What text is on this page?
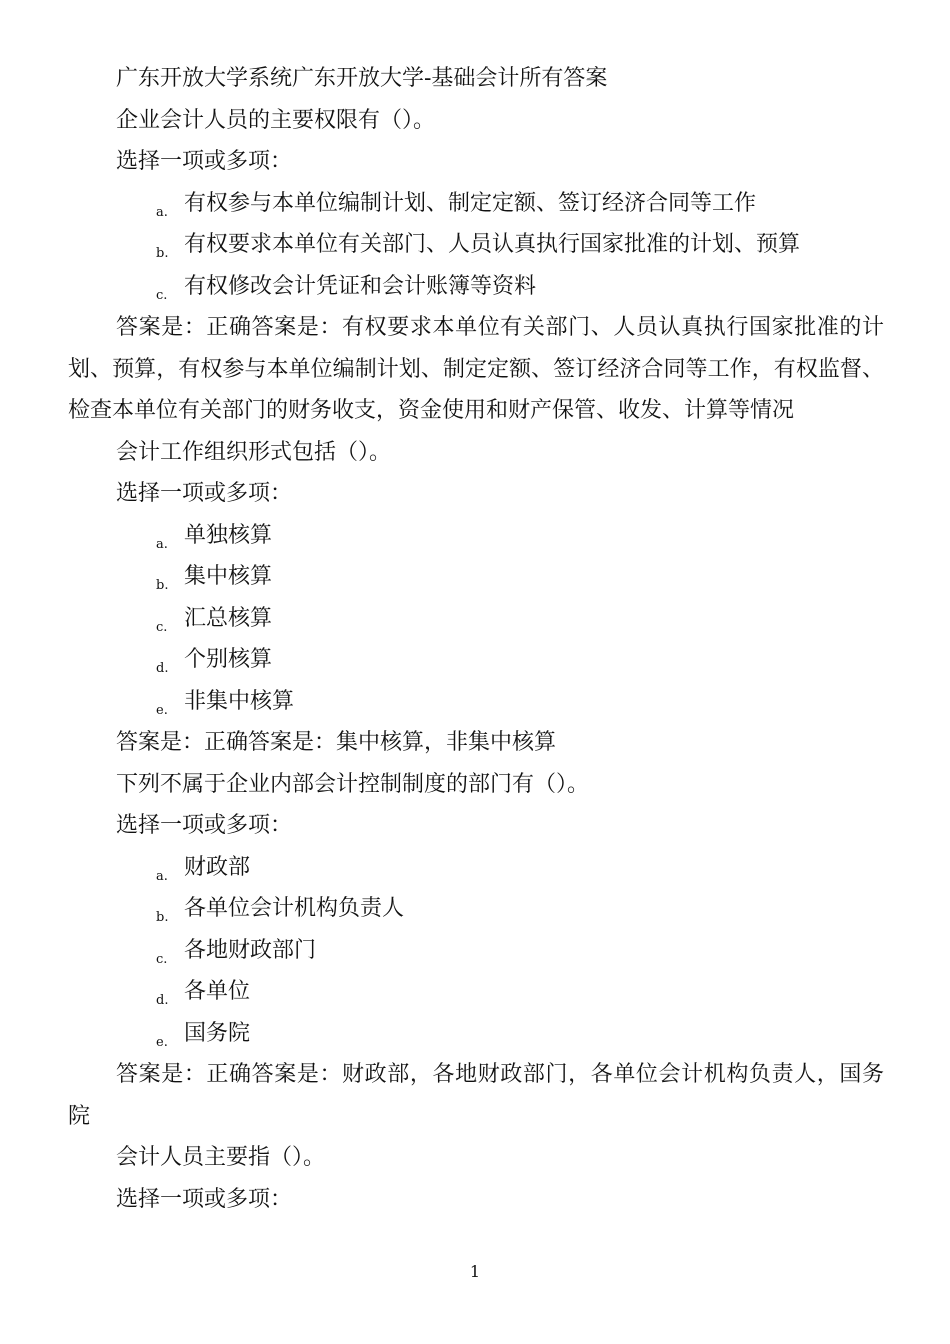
广东开放大学系统广东开放大学-基础会计所有答案
企业会计人员的主要权限有（）。
选择一项或多项：
a. 有权参与本单位编制计划、制定定额、签订经济合同等工作
b. 有权要求本单位有关部门、人员认真执行国家批准的计划、预算
c. 有权修改会计凭证和会计账簿等资料
答案是：正确答案是：有权要求本单位有关部门、人员认真执行国家批准的计划、预算，有权参与本单位编制计划、制定定额、签订经济合同等工作，有权监督、检查本单位有关部门的财务收支，资金使用和财产保管、收发、计算等情况
会计工作组织形式包括（）。
选择一项或多项：
a. 单独核算
b. 集中核算
c. 汇总核算
d. 个别核算
e. 非集中核算
答案是：正确答案是：集中核算，非集中核算
下列不属于企业内部会计控制制度的部门有（）。
选择一项或多项：
a. 财政部
b. 各单位会计机构负责人
c. 各地财政部门
d. 各单位
e. 国务院
答案是：正确答案是：财政部，各地财政部门，各单位会计机构负责人，国务院
会计人员主要指（）。
选择一项或多项：
1
